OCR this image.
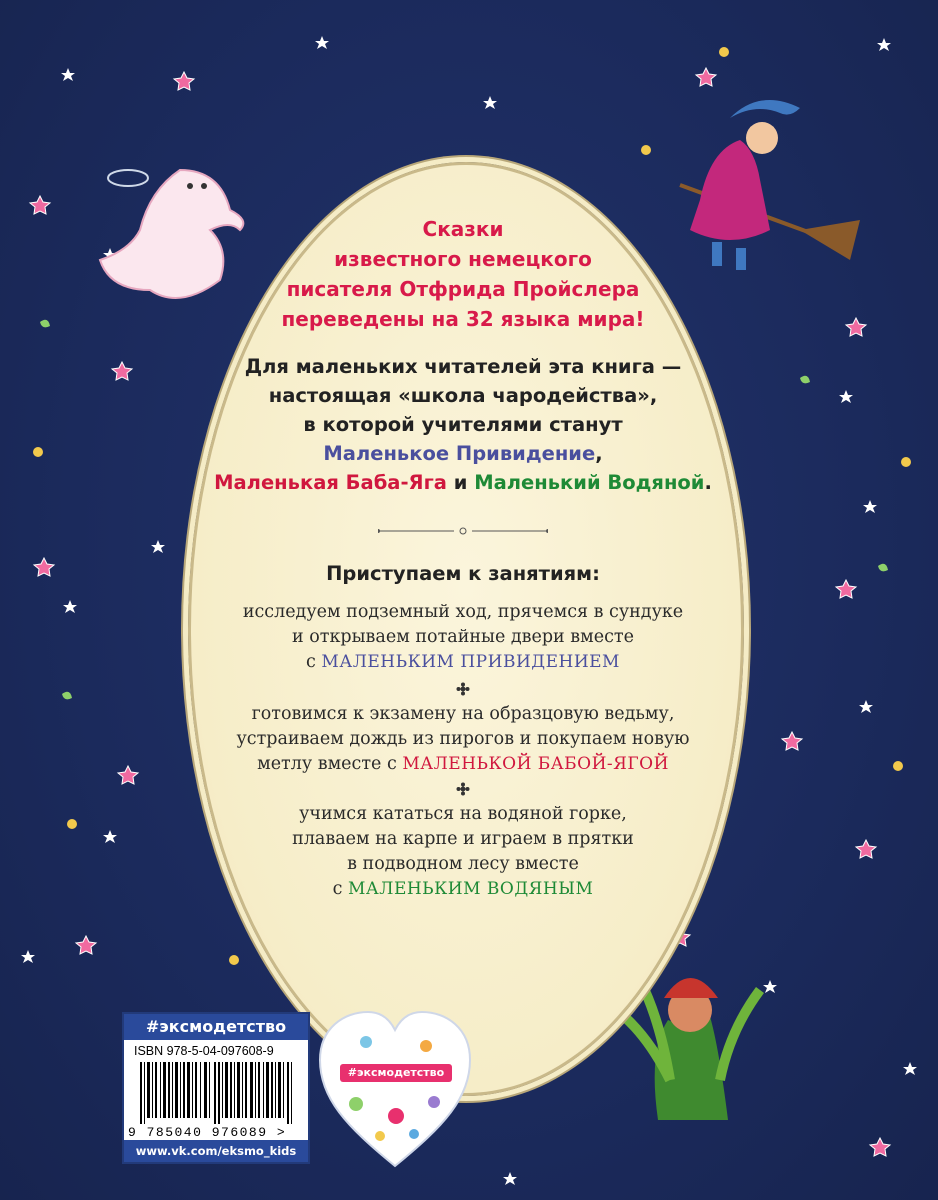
Сказки
известного немецкого
писателя Отфрида Пройслера
переведены на 32 языка мира!
Для маленьких читателей эта книга —
настоящая «школа чародейства»,
в которой учителями станут
Маленькое Привидение,
Маленькая Баба-Яга и Маленький Водяной.
Приступаем к занятиям:
исследуем подземный ход, прячемся в сундуке
и открываем потайные двери вместе
с МАЛЕНЬКИМ ПРИВИДЕНИЕМ
готовимся к экзамену на образцовую ведьму,
устраиваем дождь из пирогов и покупаем новую
метлу вместе с МАЛЕНЬКОЙ БАБОЙ-ЯГОЙ
учимся кататься на водяной горке,
плаваем на карпе и играем в прятки
в подводном лесу вместе
с МАЛЕНЬКИМ ВОДЯНЫМ
#эксмодетство
ISBN 978-5-04-097608-9
9 785040 976089 >
www.vk.com/eksmo_kids
#эксмодетство
